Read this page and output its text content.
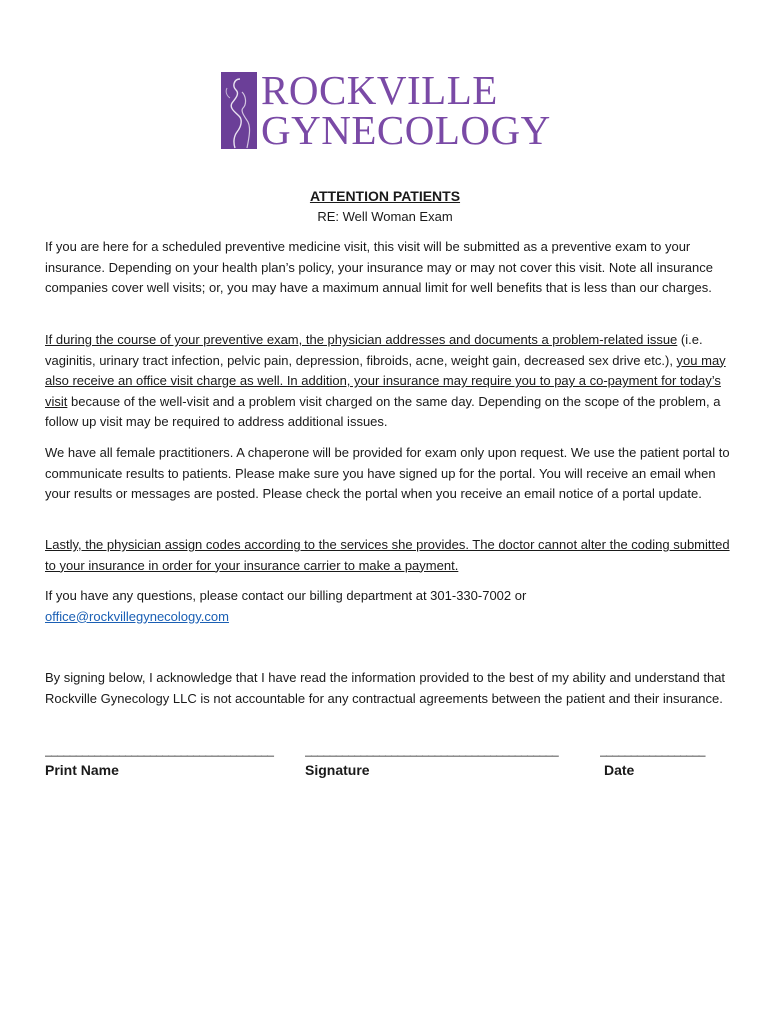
ROCKVILLE
GYNECOLOGY
ATTENTION PATIENTS
RE: Well Woman Exam

If you are here for a scheduled preventive medicine visit, this visit will be submitted as a preventive exam to your insurance. Depending on your health plan’s policy, your insurance may or may not cover this visit. Note all insurance companies cover well visits; or, you may have a maximum annual limit for well benefits that is less than our charges.

If during the course of your preventive exam, the physician addresses and documents a problem-related issue (i.e. vaginitis, urinary tract infection, pelvic pain, depression, fibroids, acne, weight gain, decreased sex drive etc.), you may also receive an office visit charge as well. In addition, your insurance may require you to pay a co-payment for today’s visit because of the well-visit and a problem visit charged on the same day. Depending on the scope of the problem, a follow up visit may be required to address additional issues.

We have all female practitioners. A chaperone will be provided for exam only upon request. We use the patient portal to communicate results to patients. Please make sure you have signed up for the portal. You will receive an email when your results or messages are posted. Please check the portal when you receive an email notice of a portal update.

Lastly, the physician assign codes according to the services she provides. The doctor cannot alter the coding submitted to your insurance in order for your insurance carrier to make a payment.

If you have any questions, please contact our billing department at 301-330-7002 or
office@rockvillegynecology.com

By signing below, I acknowledge that I have read the information provided to the best of my ability and understand that Rockville Gynecology LLC is not accountable for any contractual agreements between the patient and their insurance.

_____________________________________	_________________________________________	_________________
Print Name	Signature	Date
